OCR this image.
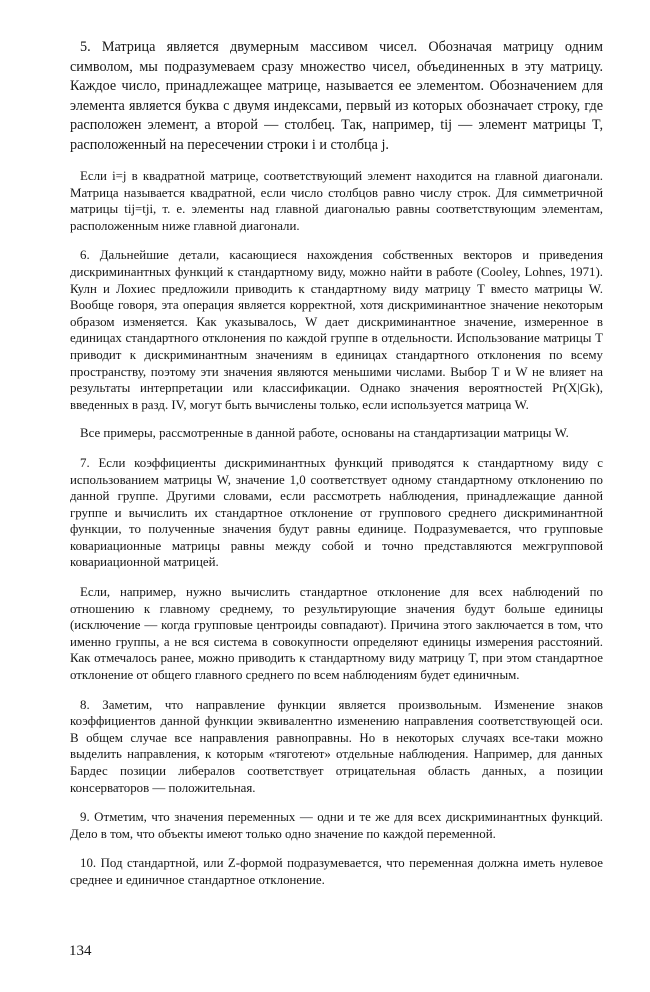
5. Матрица является двумерным массивом чисел. Обозначая матрицу одним символом, мы подразумеваем сразу множество чисел, объединенных в эту матрицу. Каждое число, принадлежащее матрице, называется ее элементом. Обозначением для элемента является буква с двумя индексами, первый из которых обозначает строку, где расположен элемент, а второй — столбец. Так, например, tij — элемент матрицы T, расположенный на пересечении строки i и столбца j.

Если i=j в квадратной матрице, соответствующий элемент находится на главной диагонали. Матрица называется квадратной, если число столбцов равно числу строк. Для симметричной матрицы tij=tji, т. е. элементы над главной диагональю равны соответствующим элементам, расположенным ниже главной диагонали.

6. Дальнейшие детали, касающиеся нахождения собственных векторов и приведения дискриминантных функций к стандартному виду, можно найти в работе (Cooley, Lohnes, 1971). Кулн и Лохиес предложили приводить к стандартному виду матрицу T вместо матрицы W. Вообще говоря, эта операция является корректной, хотя дискриминантное значение некоторым образом изменяется. Как указывалось, W дает дискриминантное значение, измеренное в единицах стандартного отклонения по каждой группе в отдельности. Использование матрицы T приводит к дискриминантным значениям в единицах стандартного отклонения по всему пространству, поэтому эти значения являются меньшими числами. Выбор T и W не влияет на результаты интерпретации или классификации. Однако значения вероятностей Pr(X|Gk), введенных в разд. IV, могут быть вычислены только, если используется матрица W.

Все примеры, рассмотренные в данной работе, основаны на стандартизации матрицы W.

7. Если коэффициенты дискриминантных функций приводятся к стандартному виду с использованием матрицы W, значение 1,0 соответствует одному стандартному отклонению по данной группе. Другими словами, если рассмотреть наблюдения, принадлежащие данной группе и вычислить их стандартное отклонение от группового среднего дискриминантной функции, то полученные значения будут равны единице. Подразумевается, что групповые ковариационные матрицы равны между собой и точно представляются межгрупповой ковариационной матрицей.

Если, например, нужно вычислить стандартное отклонение для всех наблюдений по отношению к главному среднему, то результирующие значения будут больше единицы (исключение — когда групповые центроиды совпадают). Причина этого заключается в том, что именно группы, а не вся система в совокупности определяют единицы измерения расстояний. Как отмечалось ранее, можно приводить к стандартному виду матрицу T, при этом стандартное отклонение от общего главного среднего по всем наблюдениям будет единичным.

8. Заметим, что направление функции является произвольным. Изменение знаков коэффициентов данной функции эквивалентно изменению направления соответствующей оси. В общем случае все направления равноправны. Но в некоторых случаях все-таки можно выделить направления, к которым «тяготеют» отдельные наблюдения. Например, для данных Бардес позиции либералов соответствует отрицательная область данных, а позиции консерваторов — положительная.

9. Отметим, что значения переменных — одни и те же для всех дискриминантных функций. Дело в том, что объекты имеют только одно значение по каждой переменной.

10. Под стандартной, или Z-формой подразумевается, что переменная должна иметь нулевое среднее и единичное стандартное отклонение.

134
